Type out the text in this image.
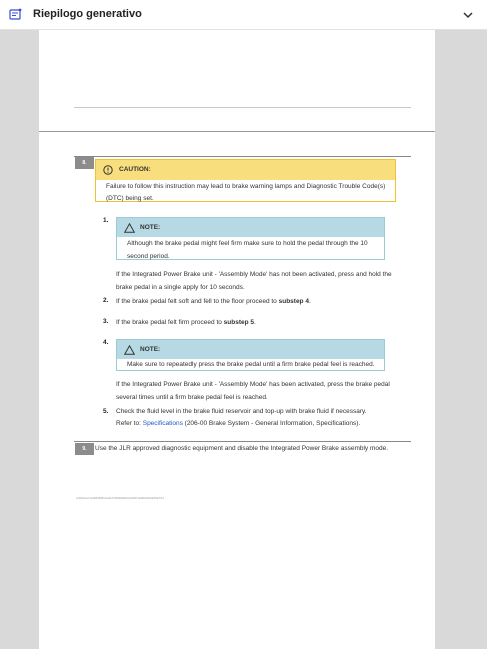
Riepilogo generativo
8.
CAUTION:
Failure to follow this instruction may lead to brake warning lamps and Diagnostic Trouble Code(s) (DTC) being set.
1.
NOTE:
Although the brake pedal might feel firm make sure to hold the pedal through the 10 second period.
If the Integrated Power Brake unit - 'Assembly Mode' has not been activated, press and hold the brake pedal in a single apply for 10 seconds.
2. If the brake pedal felt soft and fell to the floor proceed to substep 4.
3. If the brake pedal felt firm proceed to substep 5.
4.
NOTE:
Make sure to repeatedly press the brake pedal until a firm brake pedal feel is reached.
If the Integrated Power Brake unit - 'Assembly Mode' has been activated, press the brake pedal several times until a firm brake pedal feel is reached.
5. Check the fluid level in the brake fluid reservoir and top-up with brake fluid if necessary.
Refer to: Specifications (206-00 Brake System - General Information, Specifications).
9.	Use the JLR approved diagnostic equipment and disable the Integrated Power Brake assembly mode.
ecb6f4c2e7a1d90b3f58c2a4e1d7960f2b8a5c3e0d4f71a69b2c8e5d0f3a7b14
